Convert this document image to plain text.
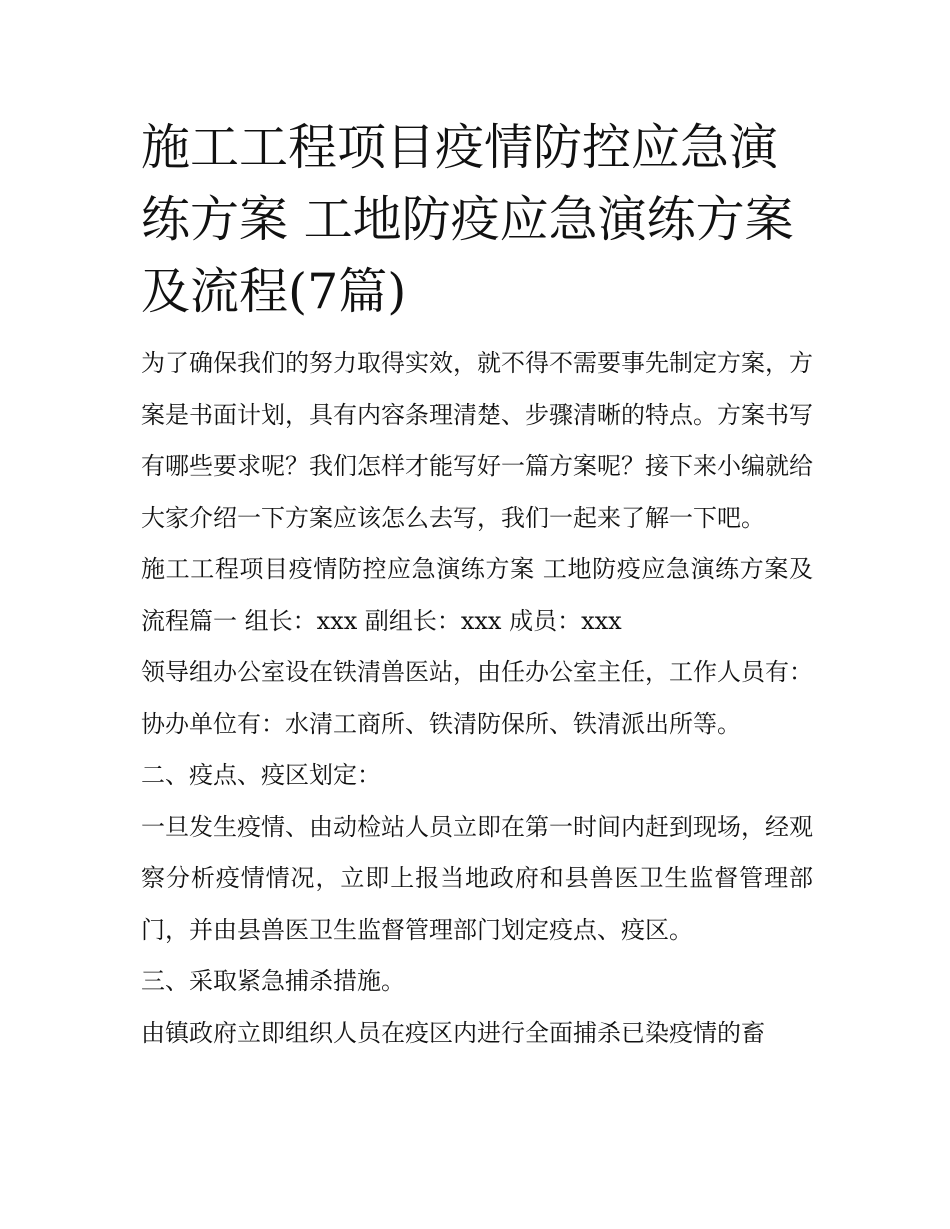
施工工程项目疫情防控应急演练方案 工地防疫应急演练方案及流程(7篇)

为了确保我们的努力取得实效，就不得不需要事先制定方案，方案是书面计划，具有内容条理清楚、步骤清晰的特点。方案书写有哪些要求呢？我们怎样才能写好一篇方案呢？接下来小编就给大家介绍一下方案应该怎么去写，我们一起来了解一下吧。

施工工程项目疫情防控应急演练方案 工地防疫应急演练方案及流程篇一 组长：xxx 副组长：xxx 成员：xxx

领导组办公室设在铁清兽医站，由任办公室主任，工作人员有：协办单位有：水清工商所、铁清防保所、铁清派出所等。

二、疫点、疫区划定：

一旦发生疫情、由动检站人员立即在第一时间内赶到现场，经观察分析疫情情况，立即上报当地政府和县兽医卫生监督管理部门，并由县兽医卫生监督管理部门划定疫点、疫区。

三、采取紧急捕杀措施。

由镇政府立即组织人员在疫区内进行全面捕杀已染疫情的畜
